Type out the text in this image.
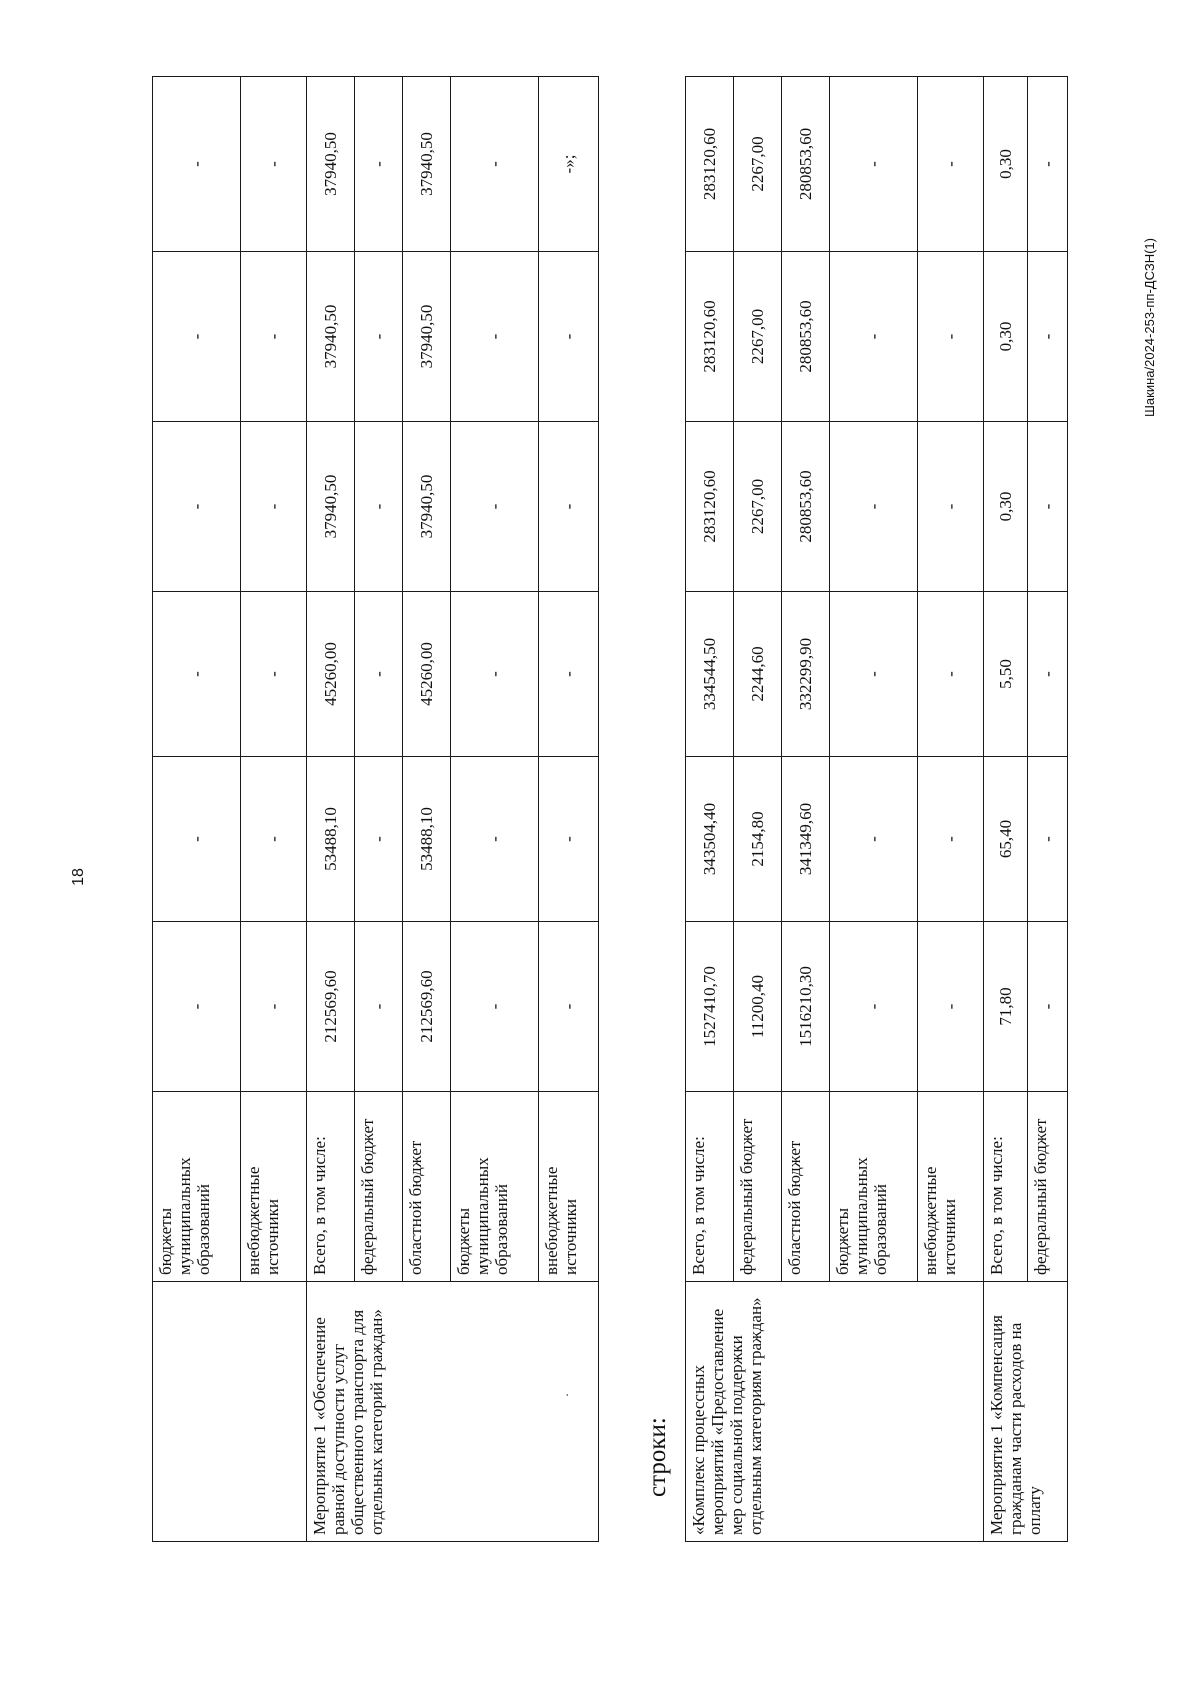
18
	бюджеты муниципальных образований	-	-	-	-	-	-
	внебюджетные источники	-	-	-	-	-	-
Мероприятие 1 «Обеспечение равной доступности услуг общественного транспорта для отдельных категорий граждан»	Всего, в том числе:	212569,60	53488,10	45260,00	37940,50	37940,50	37940,50
	федеральный бюджет	-	-	-	-	-	-
	областной бюджет	212569,60	53488,10	45260,00	37940,50	37940,50	37940,50
	бюджеты муниципальных образований	-	-	-	-	-	-
	внебюджетные источники	-	-	-	-	-	-»;
·
строки: «Комплекс процессных мероприятий «Предоставление мер социальной поддержки отдельным категориям граждан»	Всего, в том числе:	1527410,70	343504,40	334544,50	283120,60	283120,60	283120,60
	федеральный бюджет	11200,40	2154,80	2244,60	2267,00	2267,00	2267,00
	областной бюджет	1516210,30	341349,60	332299,90	280853,60	280853,60	280853,60
	бюджеты муниципальных образований	-	-	-	-	-	-
	внебюджетные источники	-	-	-	-	-	-
Мероприятие 1 «Компенсация гражданам части расходов на оплату	Всего, в том числе:	71,80	65,40	5,50	0,30	0,30	0,30
	федеральный бюджет	-	-	-	-	-	-
Шакина/2024-253-пп-ДСЗН(1)
